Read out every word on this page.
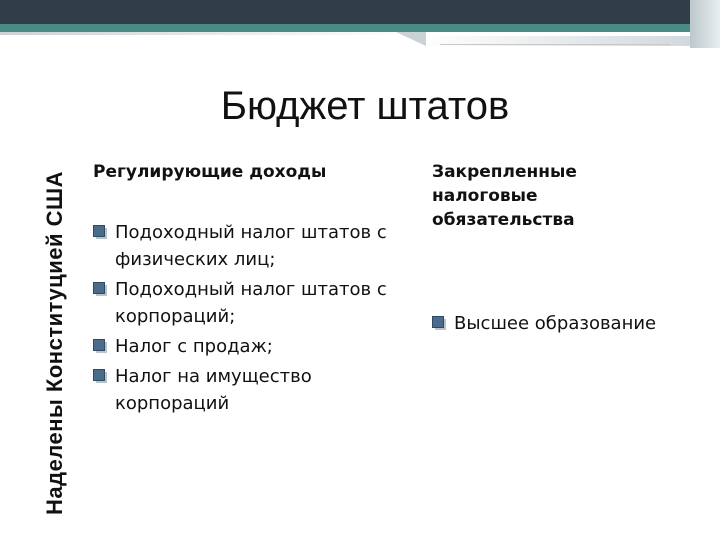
Наделены Конституцией США
Бюджет штатов

Регулирующие доходы

Подоходный налог штатов с физических лиц;
Подоходный налог штатов с корпораций;
Налог с продаж;
Налог на имущество корпораций

Закрепленные налоговые обязательства

Высшее образование
